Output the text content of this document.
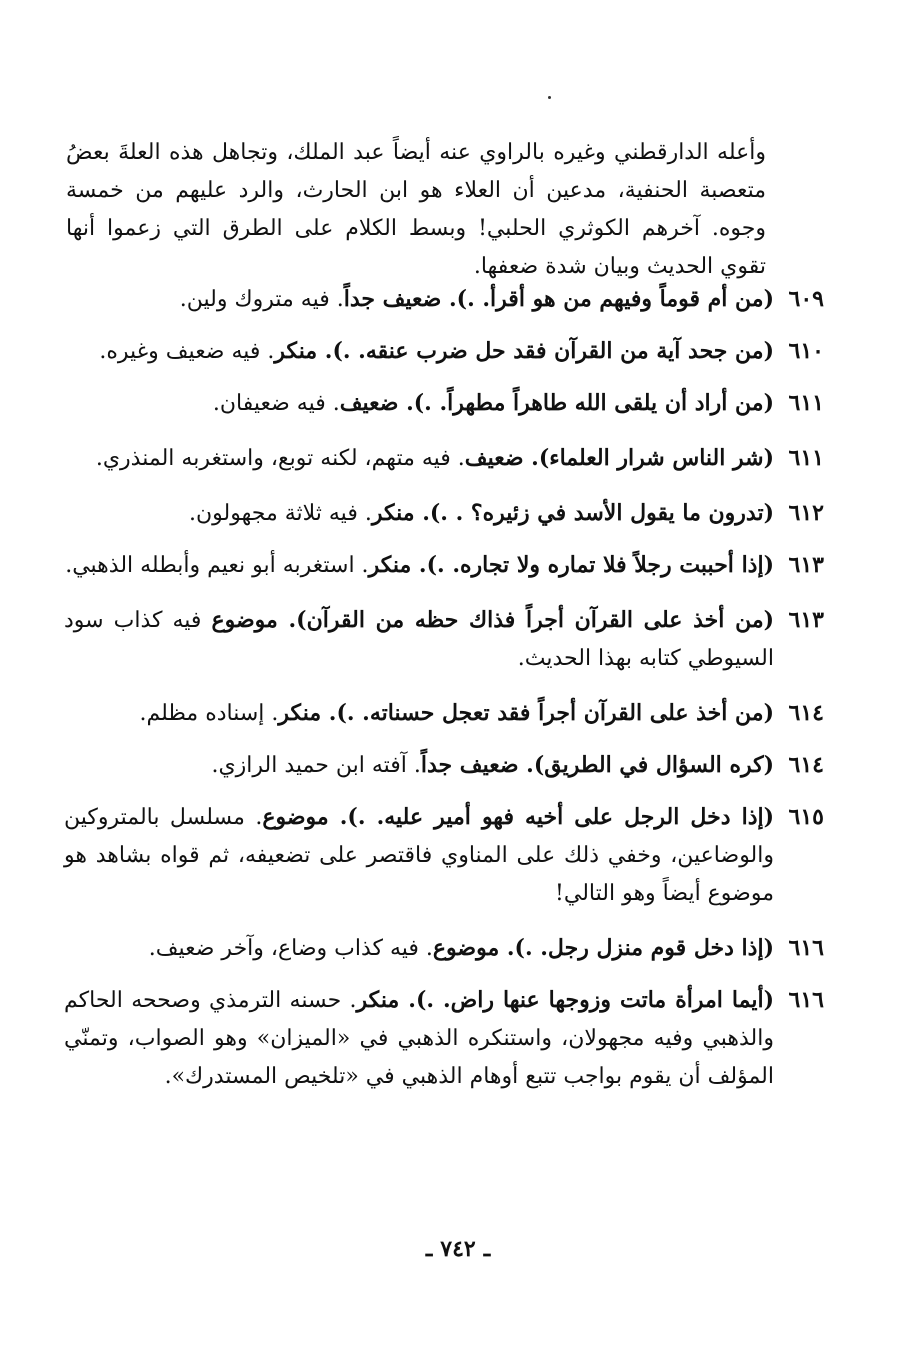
وأعله الدارقطني وغيره بالراوي عنه أيضاً عبد الملك، وتجاهل هذه العلةَ بعضُ متعصبة الحنفية، مدعين أن العلاء هو ابن الحارث، والرد عليهم من خمسة وجوه. آخرهم الكوثري الحلبي! وبسط الكلام على الطرق التي زعموا أنها تقوي الحديث وبيان شدة ضعفها.

٦٠٩
(من أم قوماً وفيهم من هو أقرأ. .). ضعيف جداً. فيه متروك ولين.
٦١٠
(من جحد آية من القرآن فقد حل ضرب عنقه. .). منكر. فيه ضعيف وغيره.
٦١١
(من أراد أن يلقى الله طاهراً مطهراً. .). ضعيف. فيه ضعيفان.
٦١١
(شر الناس شرار العلماء). ضعيف. فيه متهم، لكنه توبع، واستغربه المنذري.
٦١٢
(تدرون ما يقول الأسد في زئيره؟ . .). منكر. فيه ثلاثة مجهولون.
٦١٣
(إذا أحببت رجلاً فلا تماره ولا تجاره. .). منكر. استغربه أبو نعيم وأبطله الذهبي.
٦١٣
(من أخذ على القرآن أجراً فذاك حظه من القرآن). موضوع فيه كذاب سود السيوطي كتابه بهذا الحديث.
٦١٤
(من أخذ على القرآن أجراً فقد تعجل حسناته. .). منكر. إسناده مظلم.
٦١٤
(كره السؤال في الطريق). ضعيف جداً. آفته ابن حميد الرازي.
٦١٥
(إذا دخل الرجل على أخيه فهو أمير عليه. .). موضوع. مسلسل بالمتروكين والوضاعين، وخفي ذلك على المناوي فاقتصر على تضعيفه، ثم قواه بشاهد هو موضوع أيضاً وهو التالي!
٦١٦
(إذا دخل قوم منزل رجل. .). موضوع. فيه كذاب وضاع، وآخر ضعيف.
٦١٦
(أيما امرأة ماتت وزوجها عنها راض. .). منكر. حسنه الترمذي وصححه الحاكم والذهبي وفيه مجهولان، واستنكره الذهبي في «الميزان» وهو الصواب، وتمنّي المؤلف أن يقوم بواجب تتبع أوهام الذهبي في «تلخيص المستدرك».
ـ٧٤٢ـ
